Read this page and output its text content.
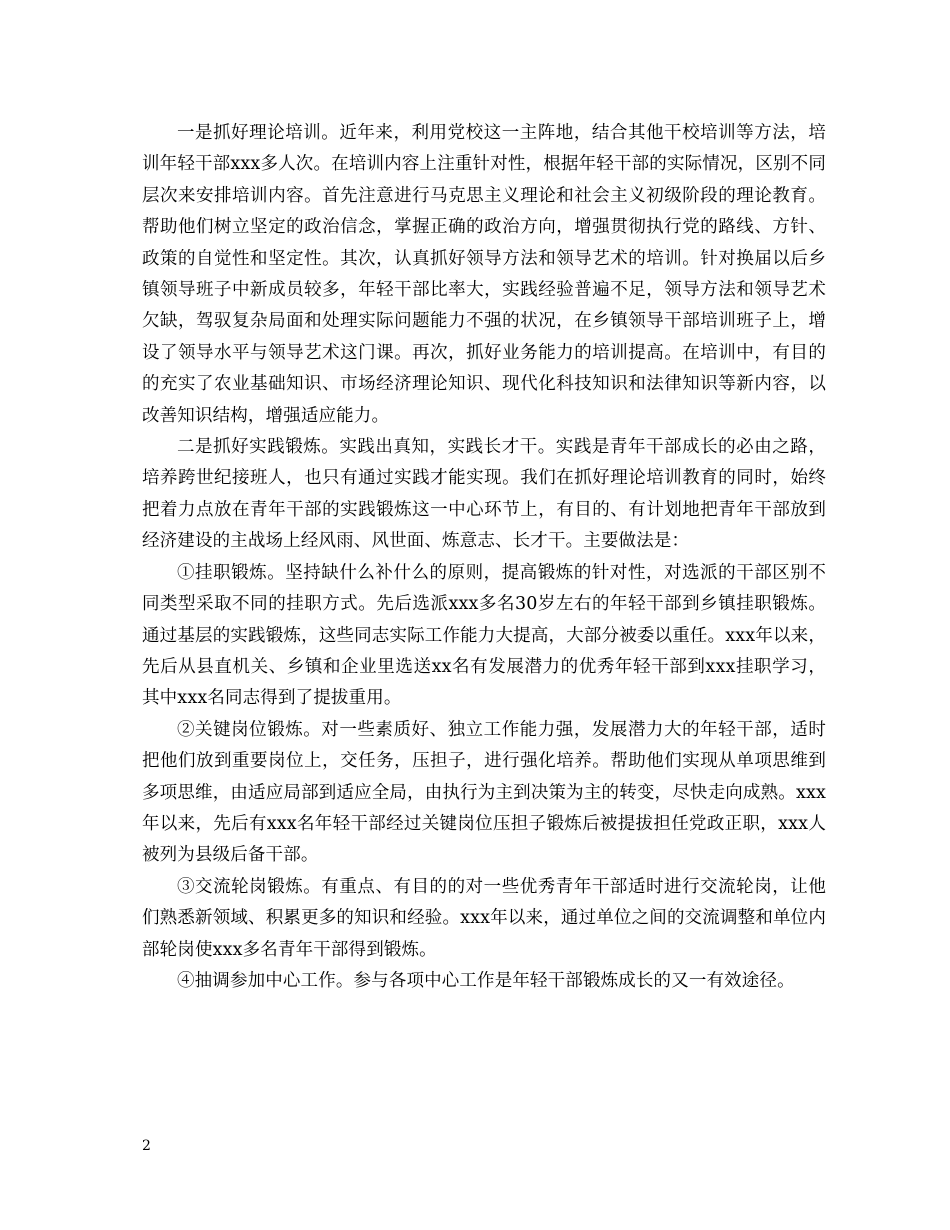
一是抓好理论培训。近年来，利用党校这一主阵地，结合其他干校培训等方法，培训年轻干部xxx多人次。在培训内容上注重针对性，根据年轻干部的实际情况，区别不同层次来安排培训内容。首先注意进行马克思主义理论和社会主义初级阶段的理论教育。帮助他们树立坚定的政治信念，掌握正确的政治方向，增强贯彻执行党的路线、方针、政策的自觉性和坚定性。其次，认真抓好领导方法和领导艺术的培训。针对换届以后乡镇领导班子中新成员较多，年轻干部比率大，实践经验普遍不足，领导方法和领导艺术欠缺，驾驭复杂局面和处理实际问题能力不强的状况，在乡镇领导干部培训班子上，增设了领导水平与领导艺术这门课。再次，抓好业务能力的培训提高。在培训中，有目的的充实了农业基础知识、市场经济理论知识、现代化科技知识和法律知识等新内容，以改善知识结构，增强适应能力。

二是抓好实践锻炼。实践出真知，实践长才干。实践是青年干部成长的必由之路，培养跨世纪接班人，也只有通过实践才能实现。我们在抓好理论培训教育的同时，始终把着力点放在青年干部的实践锻炼这一中心环节上，有目的、有计划地把青年干部放到经济建设的主战场上经风雨、风世面、炼意志、长才干。主要做法是：

①挂职锻炼。坚持缺什么补什么的原则，提高锻炼的针对性，对选派的干部区别不同类型采取不同的挂职方式。先后选派xxx多名30岁左右的年轻干部到乡镇挂职锻炼。通过基层的实践锻炼，这些同志实际工作能力大提高，大部分被委以重任。xxx年以来，先后从县直机关、乡镇和企业里选送xx名有发展潜力的优秀年轻干部到xxx挂职学习，其中xxx名同志得到了提拔重用。

②关键岗位锻炼。对一些素质好、独立工作能力强，发展潜力大的年轻干部，适时把他们放到重要岗位上，交任务，压担子，进行强化培养。帮助他们实现从单项思维到多项思维，由适应局部到适应全局，由执行为主到决策为主的转变，尽快走向成熟。xxx年以来，先后有xxx名年轻干部经过关键岗位压担子锻炼后被提拔担任党政正职，xxx人被列为县级后备干部。

③交流轮岗锻炼。有重点、有目的的对一些优秀青年干部适时进行交流轮岗，让他们熟悉新领域、积累更多的知识和经验。xxx年以来，通过单位之间的交流调整和单位内部轮岗使xxx多名青年干部得到锻炼。

④抽调参加中心工作。参与各项中心工作是年轻干部锻炼成长的又一有效途径。

2
